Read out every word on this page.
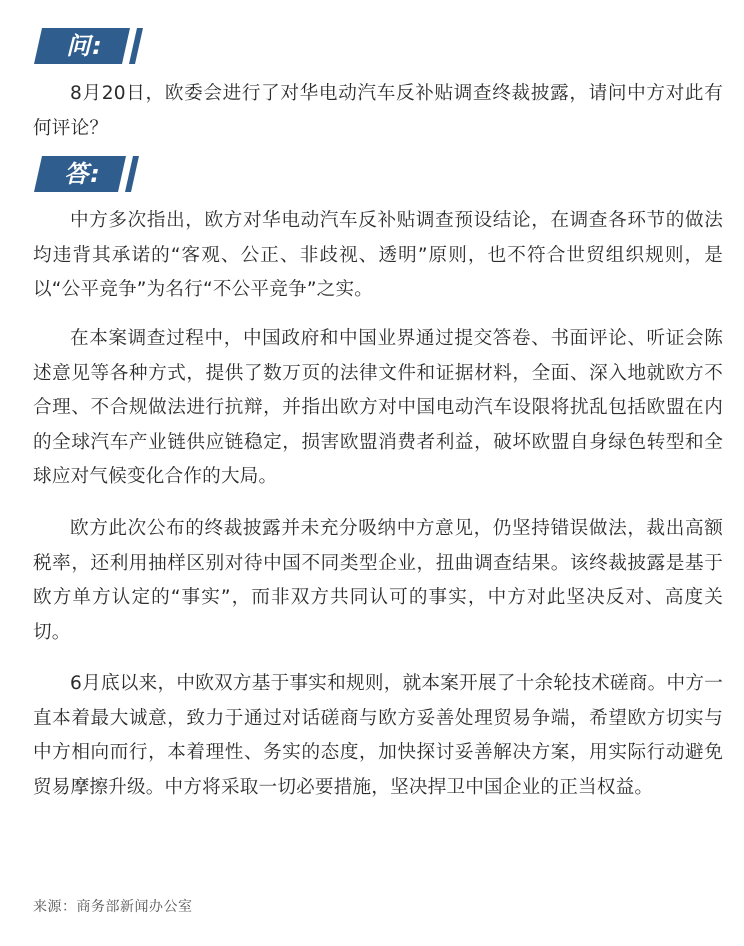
问:

8月20日，欧委会进行了对华电动汽车反补贴调查终裁披露，请问中方对此有何评论？

答:

中方多次指出，欧方对华电动汽车反补贴调查预设结论，在调查各环节的做法均违背其承诺的“客观、公正、非歧视、透明”原则，也不符合世贸组织规则，是以“公平竞争”为名行“不公平竞争”之实。

在本案调查过程中，中国政府和中国业界通过提交答卷、书面评论、听证会陈述意见等各种方式，提供了数万页的法律文件和证据材料，全面、深入地就欧方不合理、不合规做法进行抗辩，并指出欧方对中国电动汽车设限将扰乱包括欧盟在内的全球汽车产业链供应链稳定，损害欧盟消费者利益，破坏欧盟自身绿色转型和全球应对气候变化合作的大局。

欧方此次公布的终裁披露并未充分吸纳中方意见，仍坚持错误做法，裁出高额税率，还利用抽样区别对待中国不同类型企业，扭曲调查结果。该终裁披露是基于欧方单方认定的“事实”，而非双方共同认可的事实，中方对此坚决反对、高度关切。

6月底以来，中欧双方基于事实和规则，就本案开展了十余轮技术磋商。中方一直本着最大诚意，致力于通过对话磋商与欧方妥善处理贸易争端，希望欧方切实与中方相向而行，本着理性、务实的态度，加快探讨妥善解决方案，用实际行动避免贸易摩擦升级。中方将采取一切必要措施，坚决捍卫中国企业的正当权益。

来源：商务部新闻办公室
